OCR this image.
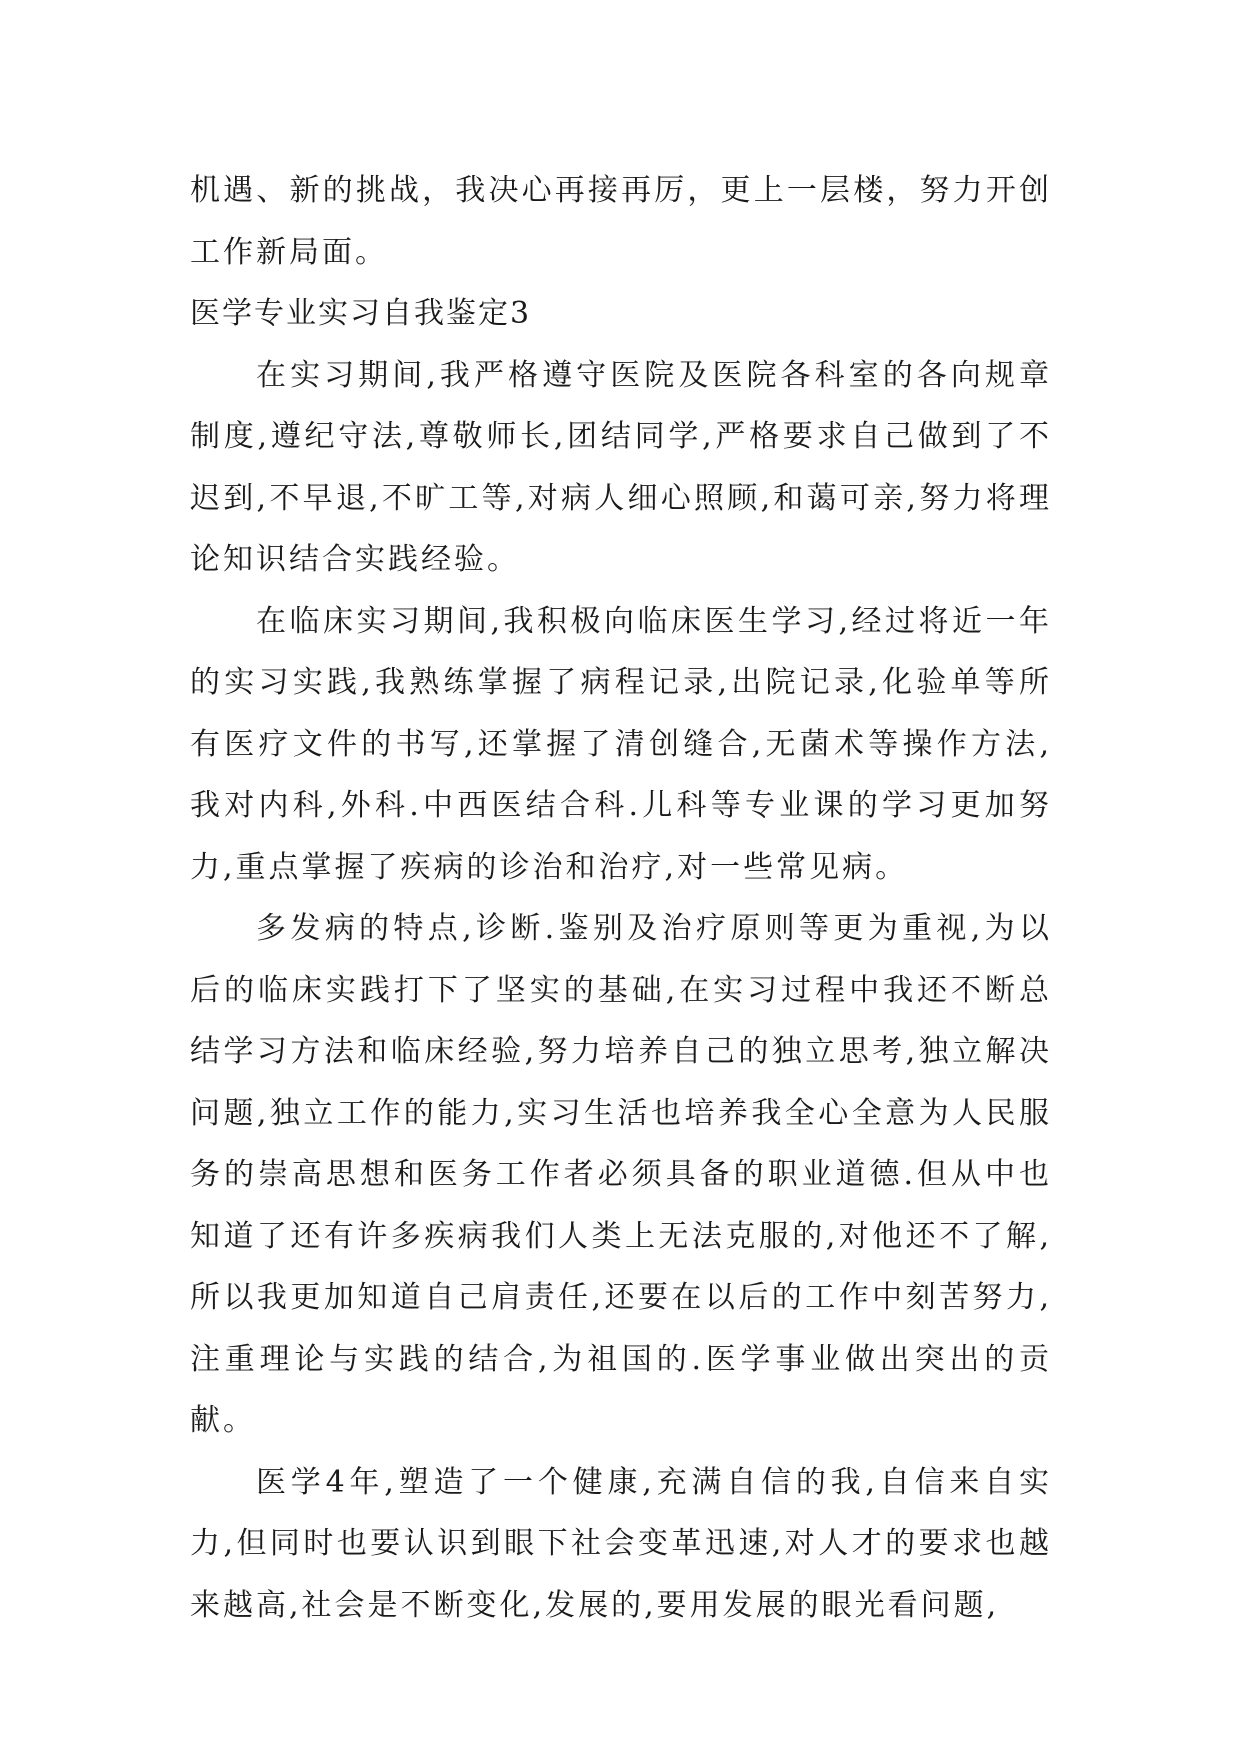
机遇、新的挑战，我决心再接再厉，更上一层楼，努力开创工作新局面。

医学专业实习自我鉴定3

在实习期间,我严格遵守医院及医院各科室的各向规章制度,遵纪守法,尊敬师长,团结同学,严格要求自己做到了不迟到,不早退,不旷工等,对病人细心照顾,和蔼可亲,努力将理论知识结合实践经验。

在临床实习期间,我积极向临床医生学习,经过将近一年的实习实践,我熟练掌握了病程记录,出院记录,化验单等所有医疗文件的书写,还掌握了清创缝合,无菌术等操作方法,我对内科,外科.中西医结合科.儿科等专业课的学习更加努力,重点掌握了疾病的诊治和治疗,对一些常见病。

多发病的特点,诊断.鉴别及治疗原则等更为重视,为以后的临床实践打下了坚实的基础,在实习过程中我还不断总结学习方法和临床经验,努力培养自己的独立思考,独立解决问题,独立工作的能力,实习生活也培养我全心全意为人民服务的崇高思想和医务工作者必须具备的职业道德.但从中也知道了还有许多疾病我们人类上无法克服的,对他还不了解,所以我更加知道自己肩责任,还要在以后的工作中刻苦努力,注重理论与实践的结合,为祖国的.医学事业做出突出的贡献。

医学4年,塑造了一个健康,充满自信的我,自信来自实力,但同时也要认识到眼下社会变革迅速,对人才的要求也越来越高,社会是不断变化,发展的,要用发展的眼光看问题,
